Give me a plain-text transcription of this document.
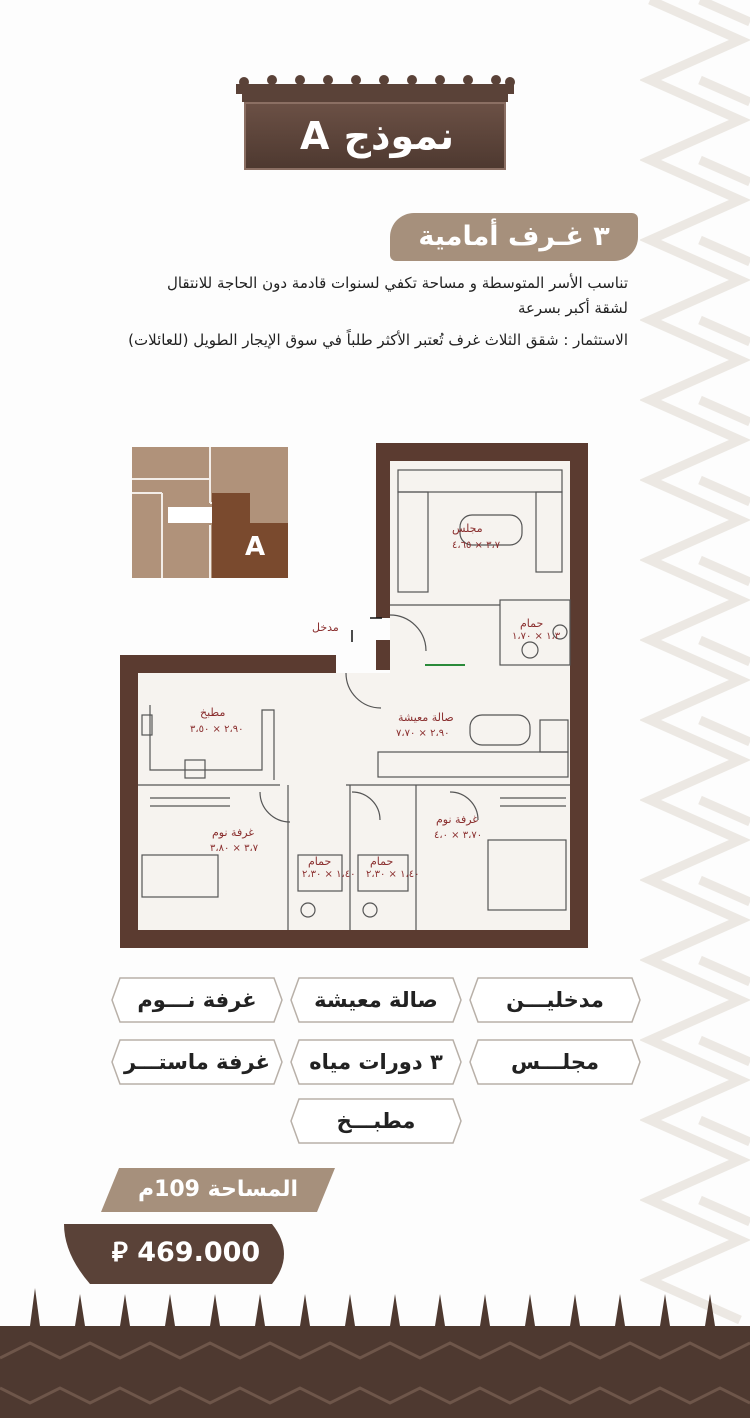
نموذج A
٣ غـرف أمامية
تناسب الأسر المتوسطة و مساحة تكفي لسنوات قادمة دون الحاجة للانتقال
لشقة أكبر بسرعة
الاستثمار : شقق الثلاث غرف تُعتبر الأكثر طلباً في سوق الإيجار الطويل (للعائلات)
A
مدخل
مجلس
٣،٧ × ٤،٦٥
حمام
١،٣ × ١،٧٠
مطبخ
٢،٩٠ × ٣،٥٠
صالة معيشة
٢،٩٠ × ٧،٧٠
غرفة نوم
٣،٧ × ٣،٨٠
غرفة نوم
٣،٧٠ × ٤،٠
حمام
١،٤٠ × ٢،٣٠
حمام
١،٤٠ × ٢،٣٠
مدخليـــن
صالة معيشة
غرفة نـــوم
مجلـــس
٣ دورات مياه
غرفة ماستـــر
مطبـــخ
المساحة 109م
⃁ 469.000
